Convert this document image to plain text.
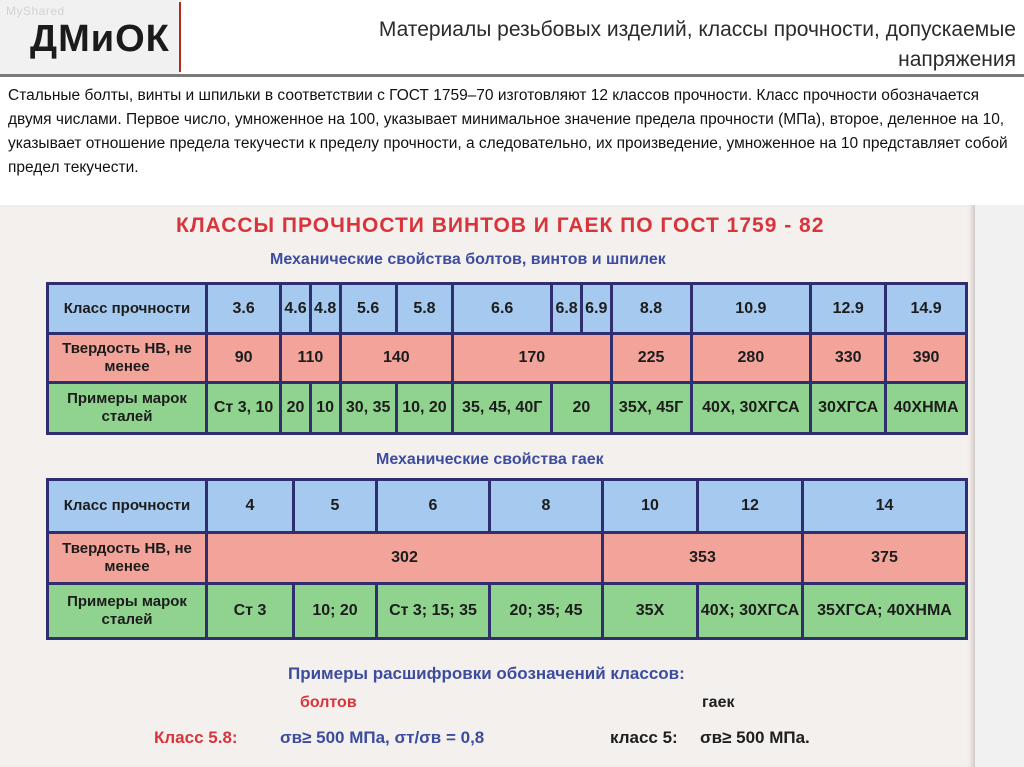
MyShared
ДМиОК	Материалы резьбовых изделий, классы прочности, допускаемые напряжения
Стальные болты, винты и шпильки в соответствии с ГОСТ 1759–70 изготовляют 12 классов прочности. Класс прочности обозначается двумя числами. Первое число, умноженное на 100, указывает минимальное значение предела прочности (МПа), второе, деленное на 10, указывает отношение предела текучести к пределу прочности, а следовательно, их произведение, умноженное на 10 представляет собой предел текучести.
КЛАССЫ ПРОЧНОСТИ ВИНТОВ И ГАЕК ПО ГОСТ 1759 - 82
Механические свойства болтов, винтов и шпилек
Класс прочности	3.6	4.6	4.8	5.6	5.8	6.6	6.8	6.9	8.8	10.9	12.9	14.9
Твердость НВ, не менее	90	110		140		170			225	280	330	390
Примеры марок сталей	Ст 3, 10	20	10	30, 35	10, 20	35, 45, 40Г	20		35Х, 45Г	40Х, 30ХГСА	30ХГСА	40ХНМА
Механические свойства гаек
Класс прочности	4	5	6	8	10	12	14
Твердость НВ, не менее	302				353		375
Примеры марок сталей	Ст 3	10; 20	Ст 3; 15; 35	20; 35; 45	35Х	40Х; 30ХГСА	35ХГСА; 40ХНМА
Примеры расшифровки обозначений классов:
болтов	гаек
Класс 5.8: σв≥ 500 МПа, σт/σв = 0,8	класс 5: σв≥ 500 МПа.
